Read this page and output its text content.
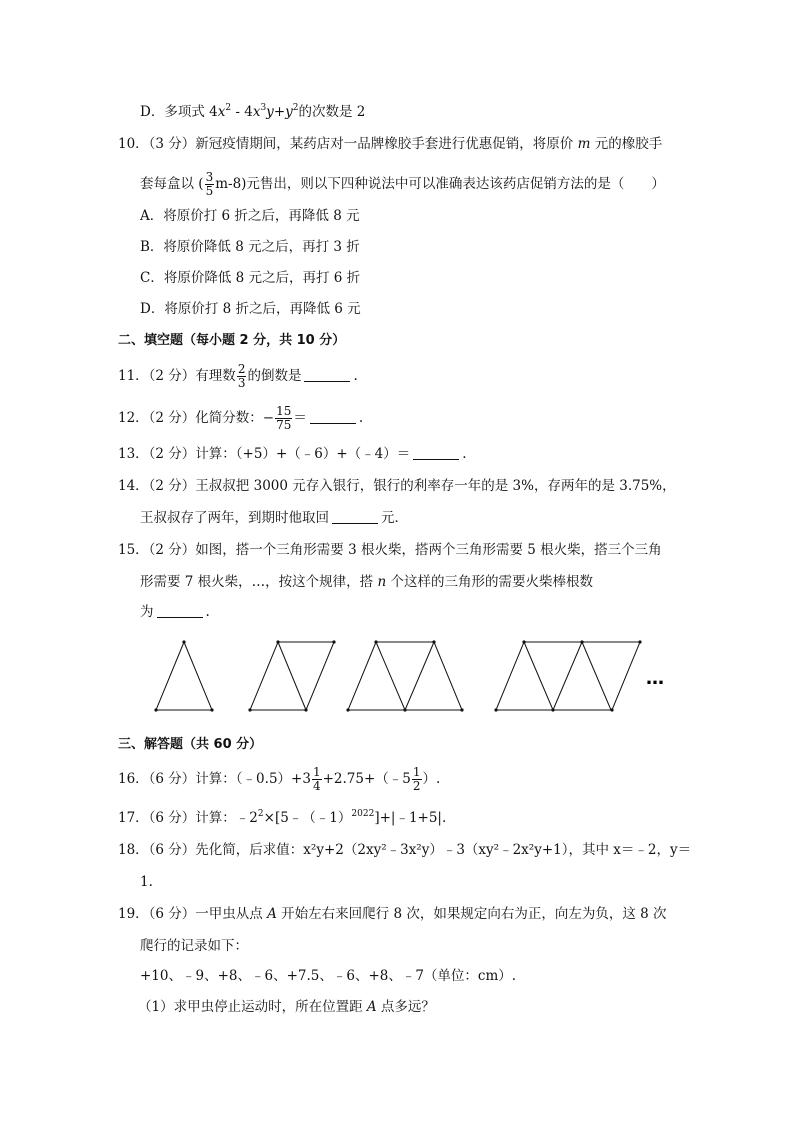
D．多项式 $4x^2 - 4x^3y+y^2$的次数是 2
10．（3 分）新冠疫情期间，某药店对一品牌橡胶手套进行优惠促销，将原价 m 元的橡胶手
套每盒以 ( $\frac{3}{5} m-8$)元售出，则以下四种说法中可以准确表达该药店促销方法的是（　　）
A．将原价打 6 折之后，再降低 8 元
B．将原价降低 8 元之后，再打 3 折
C．将原价降低 8 元之后，再打 6 折
D．将原价打 8 折之后，再降低 6 元
二、填空题（每小题 2 分，共 10 分）
11．（2 分）有理数 $\frac{2}{3}$ 的倒数是	.
12．（2 分）化简分数：− $\frac{15}{75}$ ＝	.
13．（2 分）计算：（+5）+（﹣6）+（﹣4）＝	.
14．（2 分）王叔叔把 3000 元存入银行，银行的利率存一年的是 3%，存两年的是 3.75%，
王叔叔存了两年，到期时他取回	元．
15．（2 分）如图，搭一个三角形需要 3 根火柴，搭两个三角形需要 5 根火柴，搭三个三角
形需要 7 根火柴，…，按这个规律，搭 n 个这样的三角形的需要火柴棒根数
为	.
…
三、解答题（共 60 分）
16．（6 分）计算：（﹣0.5）+3 $\frac{1}{4}$ +2.75+（﹣5 $\frac{1}{2}$ ）.
17．（6 分）计算：$﹣2^2\times[5﹣(﹣1)^{2022}]+|﹣1+5|$.
18．（6 分）先化简，后求值：x²y+2（2xy²﹣3x²y）﹣3（xy²﹣2x²y+1），其中 x＝﹣2，y＝
1.
19．（6 分）一甲虫从点 A 开始左右来回爬行 8 次，如果规定向右为正，向左为负，这 8 次
爬行的记录如下：
+10、﹣9、+8、﹣6、+7.5、﹣6、+8、﹣7（单位：cm）.
（1）求甲虫停止运动时，所在位置距 A 点多远？
